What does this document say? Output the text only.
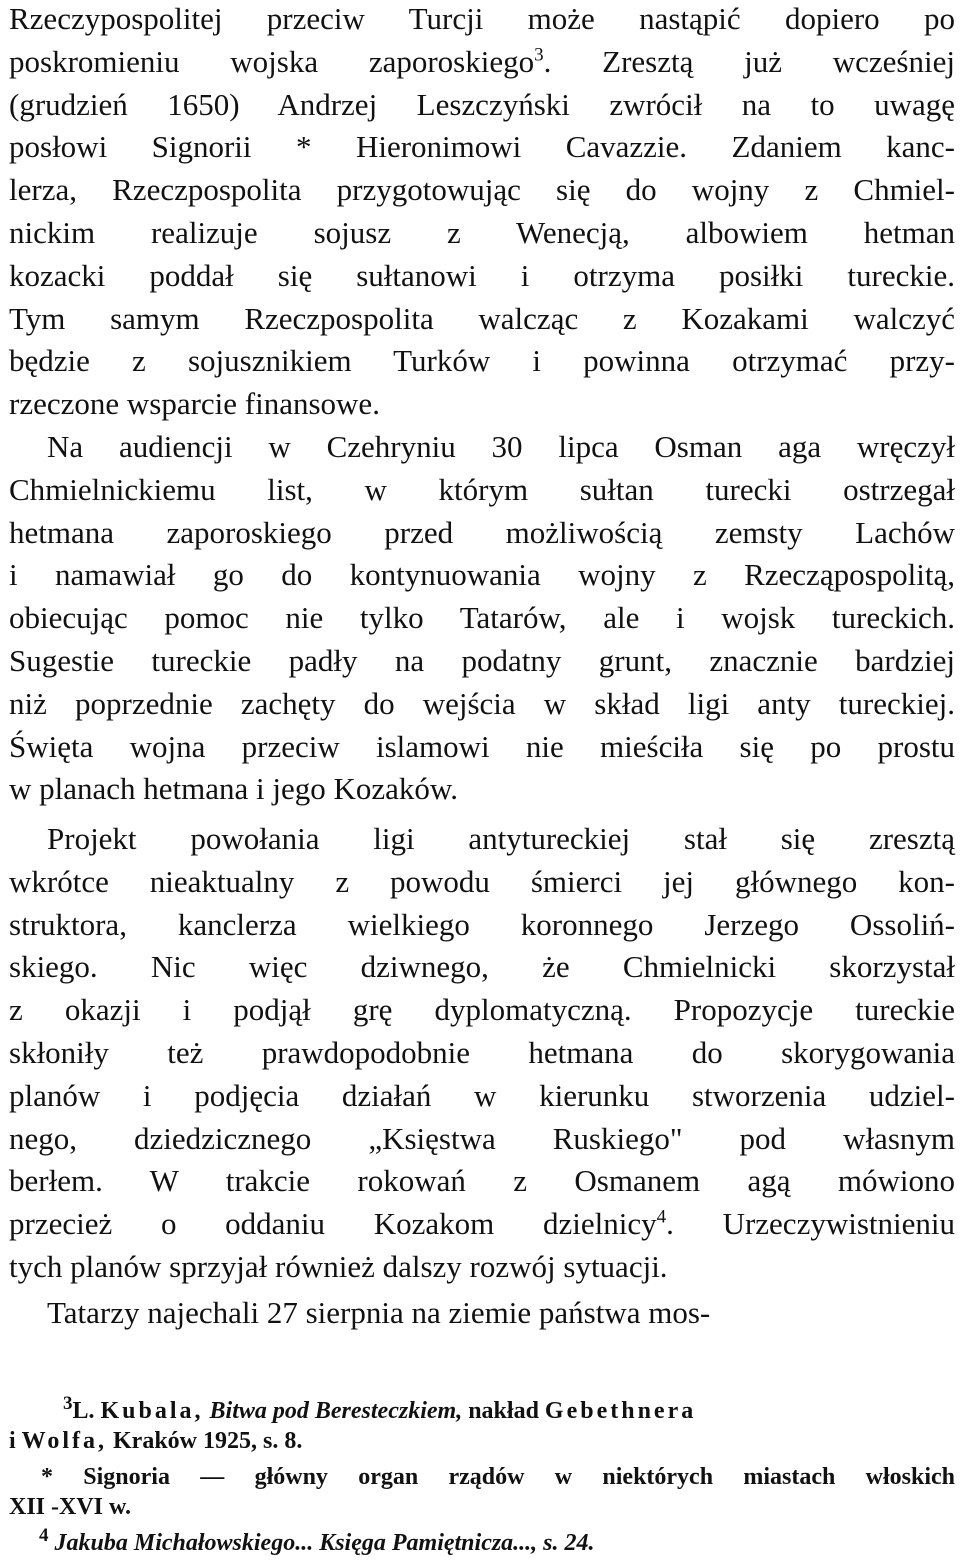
Rzeczypospolitej przeciw Turcji może nastąpić dopiero po
poskromieniu wojska zaporoskiego$^3$. Zresztą już wcześniej
(grudzień 1650) Andrzej Leszczyński zwrócił na to uwagę
posłowi Signorii * Hieronimowi Cavazzie. Zdaniem kanc-
lerza, Rzeczpospolita przygotowując się do wojny z Chmiel-
nickim realizuje sojusz z Wenecją, albowiem hetman
kozacki poddał się sułtanowi i otrzyma posiłki tureckie.
Tym samym Rzeczpospolita walcząc z Kozakami walczyć
będzie z sojusznikiem Turków i powinna otrzymać przy-
rzeczone wsparcie finansowe.
Na audiencji w Czehryniu 30 lipca Osman aga wręczył
Chmielnickiemu list, w którym sułtan turecki ostrzegał
hetmana zaporoskiego przed możliwością zemsty Lachów
i namawiał go do kontynuowania wojny z Rzecząpospolitą,
obiecując pomoc nie tylko Tatarów, ale i wojsk tureckich.
Sugestie tureckie padły na podatny grunt, znacznie bardziej
niż poprzednie zachęty do wejścia w skład ligi anty tureckiej.
Święta wojna przeciw islamowi nie mieściła się po prostu
w planach hetmana i jego Kozaków.
Projekt powołania ligi antytureckiej stał się zresztą
wkrótce nieaktualny z powodu śmierci jej głównego kon-
struktora, kanclerza wielkiego koronnego Jerzego Ossoliń-
skiego. Nic więc dziwnego, że Chmielnicki skorzystał
z okazji i podjął grę dyplomatyczną. Propozycje tureckie
skłoniły też prawdopodobnie hetmana do skorygowania
planów i podjęcia działań w kierunku stworzenia udziel-
nego, dziedzicznego „Księstwa Ruskiego" pod własnym
berłem. W trakcie rokowań z Osmanem agą mówiono
przecież o oddaniu Kozakom dzielnicy$^4$. Urzeczywistnieniu
tych planów sprzyjał również dalszy rozwój sytuacji.
Tatarzy najechali 27 sierpnia na ziemie państwa mos-
$^3$L. Kubala, Bitwa pod Beresteczkiem, nakład Gebethnera
i Wolfa, Kraków 1925, s. 8.
* Signoria — główny organ rządów w niektórych miastach włoskich
XII -XVI w.
$^4$ Jakuba Michałowskiego... Księga Pamiętnicza..., s. 24.
